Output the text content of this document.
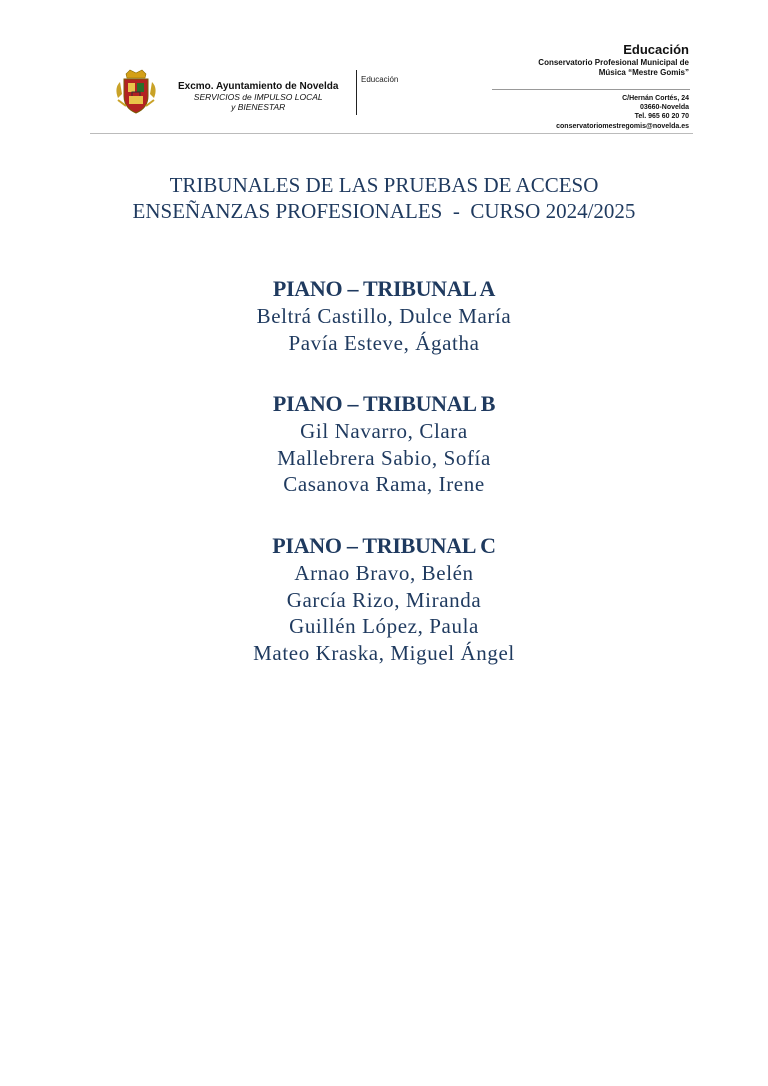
Excmo. Ayuntamiento de Novelda
SERVICIOS de IMPULSO LOCAL
y BIENESTAR
Educación
Educación
Conservatorio Profesional Municipal de
Música “Mestre Gomis”
C/Hernán Cortés, 24
03660-Novelda
Tel. 965 60 20 70
conservatoriomestregomis@novelda.es
TRIBUNALES DE LAS PRUEBAS DE ACCESO
ENSEÑANZAS PROFESIONALES  -  CURSO 2024/2025
PIANO – TRIBUNAL A
Beltrá Castillo, Dulce María
Pavía Esteve, Ágatha
PIANO – TRIBUNAL B
Gil Navarro, Clara
Mallebrera Sabio, Sofía
Casanova Rama, Irene
PIANO – TRIBUNAL C
Arnao Bravo, Belén
García Rizo, Miranda
Guillén López, Paula
Mateo Kraska, Miguel Ángel
